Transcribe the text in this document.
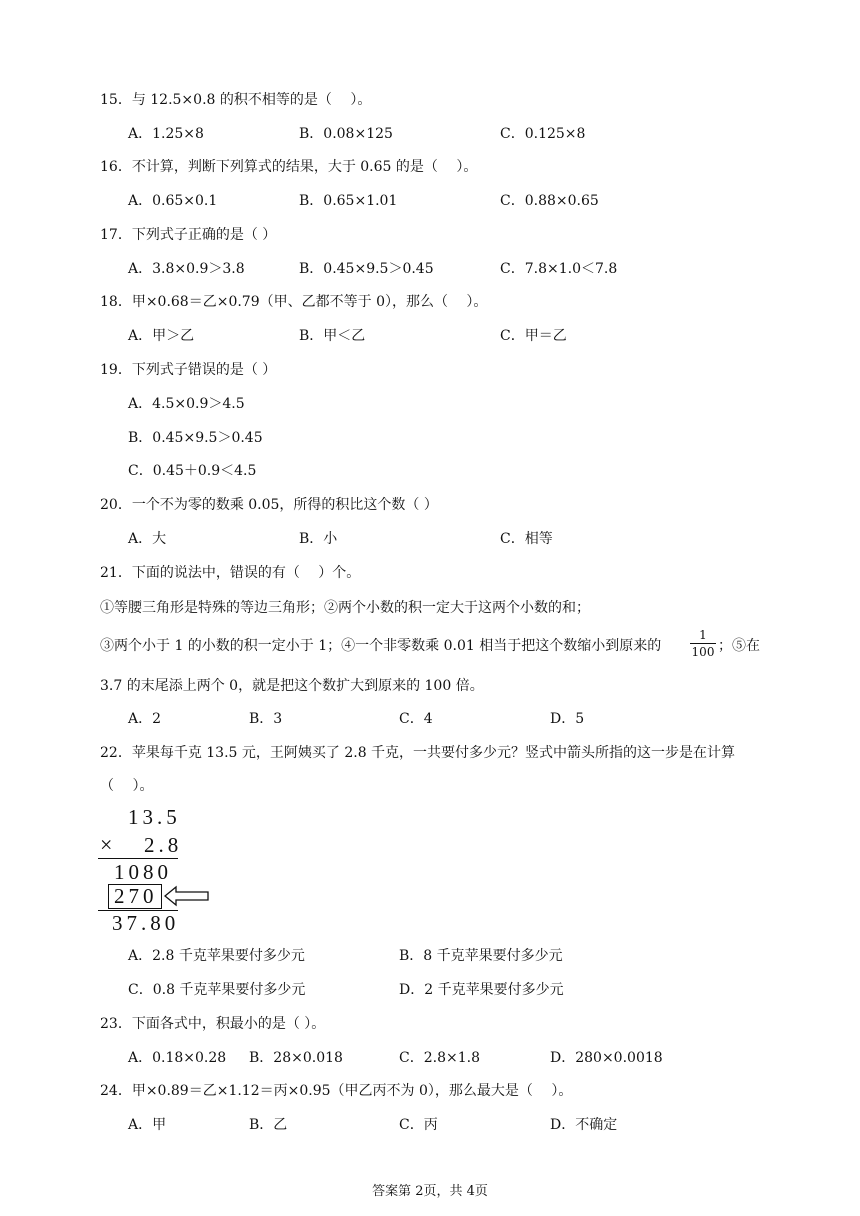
15．与 12.5×0.8 的积不相等的是（　 ）。
A．1.25×8	B．0.08×125	C．0.125×8
16．不计算，判断下列算式的结果，大于 0.65 的是（　 ）。
A．0.65×0.1	B．0.65×1.01	C．0.88×0.65
17．下列式子正确的是（ ）
A．3.8×0.9＞3.8	B．0.45×9.5＞0.45	C．7.8×1.0＜7.8
18．甲×0.68＝乙×0.79（甲、乙都不等于 0），那么（　 ）。
A．甲＞乙	B．甲＜乙	C．甲＝乙
19．下列式子错误的是（ ）
A．4.5×0.9＞4.5
B．0.45×9.5＞0.45
C．0.45＋0.9＜4.5
20．一个不为零的数乘 0.05，所得的积比这个数（ ）
A．大	B．小	C．相等
21．下面的说法中，错误的有（　 ）个。
①等腰三角形是特殊的等边三角形；②两个小数的积一定大于这两个小数的和；
③两个小于 1 的小数的积一定小于 1；④一个非零数乘 0.01 相当于把这个数缩小到原来的 $\frac{1}{100}$ ；⑤在
3.7 的末尾添上两个 0，就是把这个数扩大到原来的 100 倍。
A．2	B．3	C．4	D．5
22．苹果每千克 13.5 元，王阿姨买了 2.8 千克，一共要付多少元？竖式中箭头所指的这一步是在计算
（　 ）。
13.5
× 2.8
1080
270
37.80
A．2.8 千克苹果要付多少元	B．8 千克苹果要付多少元
C．0.8 千克苹果要付多少元	D．2 千克苹果要付多少元
23．下面各式中，积最小的是（ ）。
A．0.18×0.28 B．28×0.018	C．2.8×1.8	D．280×0.0018
24．甲×0.89＝乙×1.12＝丙×0.95（甲乙丙不为 0），那么最大是（　 ）。
A．甲	B．乙	C．丙	D．不确定
答案第 2页，共 4页
